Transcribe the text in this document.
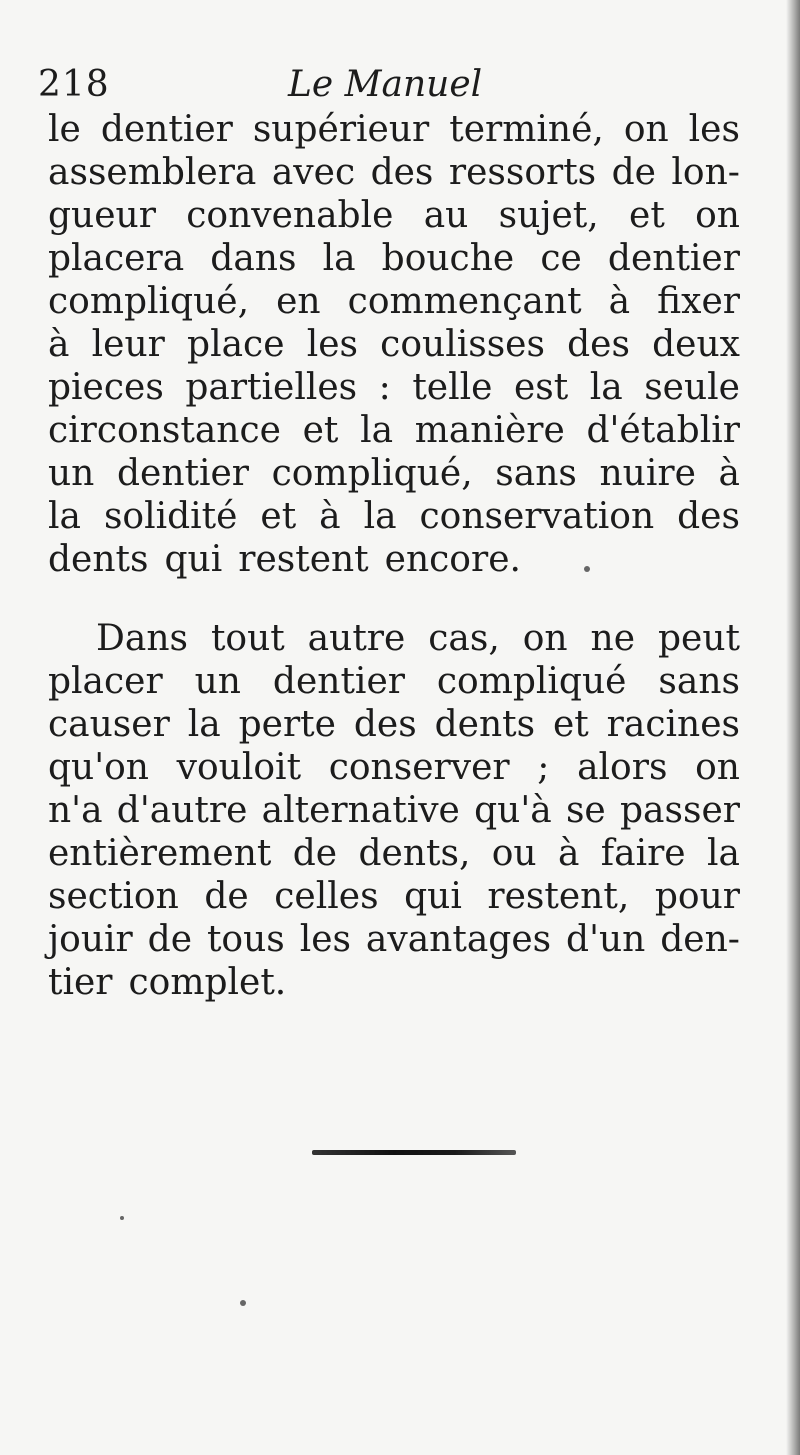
218	Le Manuel
le dentier supérieur terminé, on les
assemblera avec des ressorts de lon-
gueur convenable au sujet, et on
placera dans la bouche ce dentier
compliqué, en commençant à fixer
à leur place les coulisses des deux
pieces partielles : telle est la seule
circonstance et la manière d'établir
un dentier compliqué, sans nuire à
la solidité et à la conservation des
dents qui restent encore.
Dans tout autre cas, on ne peut
placer un dentier compliqué sans
causer la perte des dents et racines
qu'on vouloit conserver ; alors on
n'a d'autre alternative qu'à se passer
entièrement de dents, ou à faire la
section de celles qui restent, pour
jouir de tous les avantages d'un den-
tier complet.
